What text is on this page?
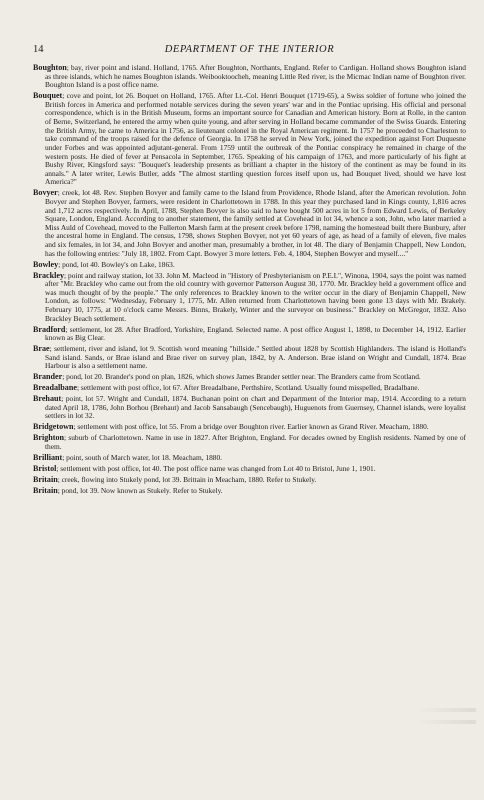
14	DEPARTMENT OF THE INTERIOR

Boughton; bay, river point and island. Holland, 1765. After Boughton, Northants, England. Refer to Cardigan. Holland shows Boughton island as three islands, which he names Boughton islands. Weibooktoocheh, meaning Little Red river, is the Micmac Indian name of Boughton river. Boughton Island is a post office name.

Bouquet; cove and point, lot 26. Boquet on Holland, 1765. After Lt.-Col. Henri Bouquet (1719-65), a Swiss soldier of fortune who joined the British forces in America and performed notable services during the seven years' war and in the Pontiac uprising. His official and personal correspondence, which is in the British Museum, forms an important source for Canadian and American history. Born at Rolle, in the canton of Berne, Switzerland, he entered the army when quite young, and after serving in Holland became commander of the Swiss Guards. Entering the British Army, he came to America in 1756, as lieutenant colonel in the Royal American regiment. In 1757 he proceeded to Charleston to take command of the troops raised for the defence of Georgia. In 1758 he served in New York, joined the expedition against Fort Duquesne under Forbes and was appointed adjutant-general. From 1759 until the outbreak of the Pontiac conspiracy he remained in charge of the western posts. He died of fever at Pensacola in September, 1765. Speaking of his campaign of 1763, and more particularly of his fight at Bushy River, Kingsford says: "Bouquet's leadership presents as brilliant a chapter in the history of the continent as may be found in its annals." A later writer, Lewis Butler, adds "The almost startling question forces itself upon us, had Bouquet lived, should we have lost America?"

Bovyer; creek, lot 48. Rev. Stephen Bovyer and family came to the Island from Providence, Rhode Island, after the American revolution. John Bovyer and Stephen Bovyer, farmers, were resident in Charlottetown in 1788. In this year they purchased land in Kings county, 1,816 acres and 1,712 acres respectively. In April, 1788, Stephen Bovyer is also said to have bought 500 acres in lot 5 from Edward Lewis, of Berkeley Square, London, England. According to another statement, the family settled at Covehead in lot 34, whence a son, John, who later married a Miss Auld of Covehead, moved to the Fullerton Marsh farm at the present creek before 1798, naming the homestead built there Bunbury, after the ancestral home in England. The census, 1798, shows Stephen Bovyer, not yet 60 years of age, as head of a family of eleven, five males and six females, in lot 34, and John Bovyer and another man, presumably a brother, in lot 48. The diary of Benjamin Chappell, New London, has the following entries: "July 18, 1802. From Capt. Bowyer 3 more letters. Feb. 4, 1804, Stephen Bowyer and myself...."

Bowley; pond, lot 40. Bowley's on Lake, 1863.

Brackley; point and railway station, lot 33. John M. Macleod in "History of Presbyterianism on P.E.I.", Winona, 1904, says the point was named after "Mr. Brackley who came out from the old country with governor Patterson August 30, 1770. Mr. Brackley held a government office and was much thought of by the people." The only references to Brackley known to the writer occur in the diary of Benjamin Chappell, New London, as follows: "Wednesday, February 1, 1775, Mr. Allen returned from Charlottetown having been gone 13 days with Mr. Brakely. February 10, 1775, at 10 o'clock came Messrs. Binns, Brakely, Winter and the surveyor on business." Brackley on McGregor, 1832. Also Brackley Beach settlement.

Bradford; settlement, lot 28. After Bradford, Yorkshire, England. Selected name. A post office August 1, 1898, to December 14, 1912. Earlier known as Big Clear.

Brae; settlement, river and island, lot 9. Scottish word meaning "hillside." Settled about 1828 by Scottish Highlanders. The island is Holland's Sand island. Sands, or Brae island and Brae river on survey plan, 1842, by A. Anderson. Brae island on Wright and Cundall, 1874. Brae Harbour is also a settlement name.

Brander; pond, lot 20. Brander's pond on plan, 1826, which shows James Brander settler near. The Branders came from Scotland.

Breadalbane; settlement with post office, lot 67. After Breadalbane, Perthshire, Scotland. Usually found misspelled, Bradalbane.

Brehaut; point, lot 57. Wright and Cundall, 1874. Buchanan point on chart and Department of the Interior map, 1914. According to a return dated April 18, 1786, John Borhou (Brehaut) and Jacob Sansabaugh (Sencebaugh), Huguenots from Guernsey, Channel islands, were loyalist settlers in lot 32.

Bridgetown; settlement with post office, lot 55. From a bridge over Boughton river. Earlier known as Grand River. Meacham, 1880.

Brighton; suburb of Charlottetown. Name in use in 1827. After Brighton, England. For decades owned by English residents. Named by one of them.

Brilliant; point, south of March water, lot 18. Meacham, 1880.

Bristol; settlement with post office, lot 40. The post office name was changed from Lot 40 to Bristol, June 1, 1901.

Britain; creek, flowing into Stukely pond, lot 39. Brittain in Meacham, 1880. Refer to Stukely.

Britain; pond, lot 39. Now known as Stukely. Refer to Stukely.
